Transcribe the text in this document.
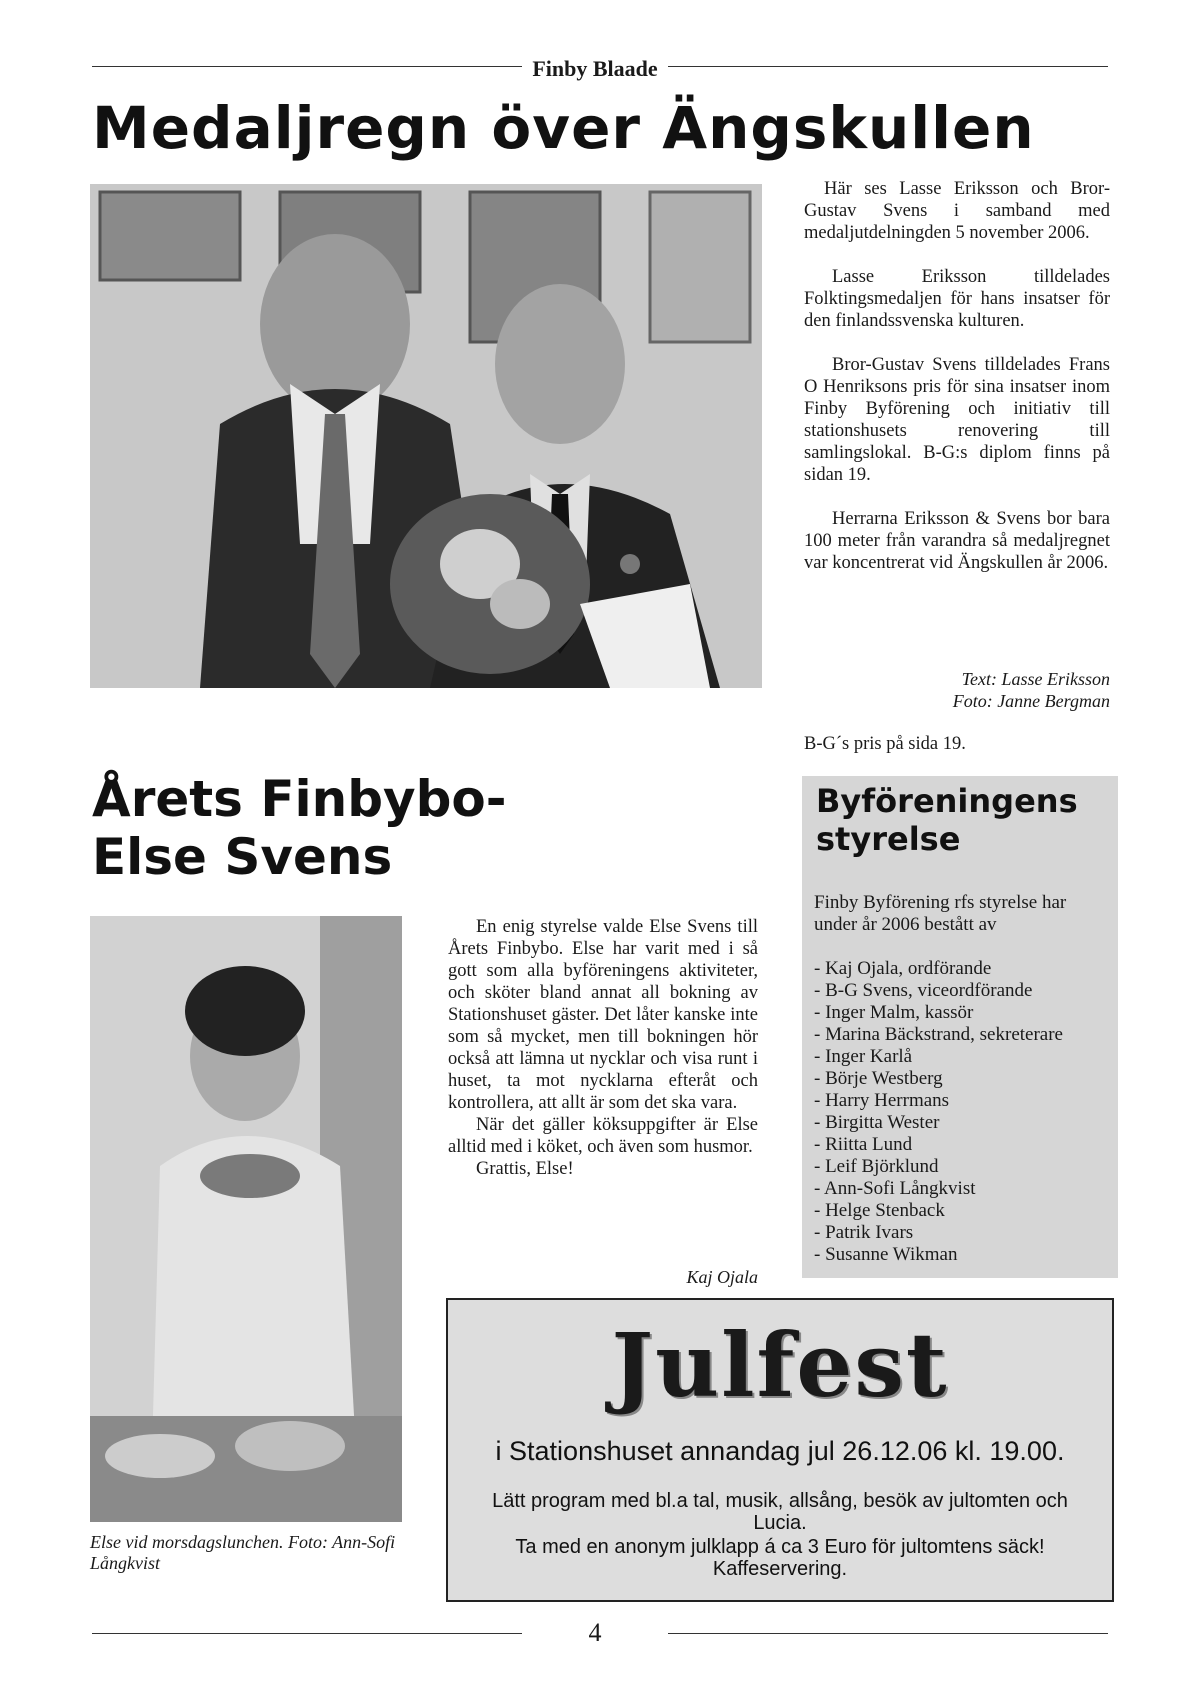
Finby Blaade
Medaljregn över Ängskullen

Här ses Lasse Eriksson och Bror-Gustav Svens i samband med medaljutdelningden 5 november 2006.

Lasse Eriksson tilldelades Folktingsmedaljen för hans insatser för den finlandssvenska kulturen.

Bror-Gustav Svens tilldelades Frans O Henriksons pris för sina insatser inom Finby Byförening och initiativ till stationshusets renovering till samlingslokal. B-G:s diplom finns på sidan 19.

Herrarna Eriksson & Svens bor bara 100 meter från varandra så medaljregnet var koncentrerat vid Ängskullen år 2006.

Text: Lasse Eriksson
Foto: Janne Bergman
B-G´s pris på sida 19.
Årets Finbybo-
Else Svens
Else vid morsdagslunchen. Foto: Ann-Sofi Långkvist

En enig styrelse valde Else Svens till Årets Finbybo. Else har varit med i så gott som alla byföreningens aktiviteter, och sköter bland annat all bokning av Stationshuset gäster. Det låter kanske inte som så mycket, men till bokningen hör också att lämna ut nycklar och visa runt i huset, ta mot nycklarna efteråt och kontrollera, att allt är som det ska vara.

När det gäller köksuppgifter är Else alltid med i köket, och även som husmor.

Grattis, Else!

Kaj Ojala
Byföreningens
styrelse
Finby Byförening rfs styrelse har under år 2006 bestått av
- Kaj Ojala, ordförande
- B-G Svens, viceordförande
- Inger Malm, kassör
- Marina Bäckstrand, sekreterare
- Inger Karlå
- Börje Westberg
- Harry Herrmans
- Birgitta Wester
- Riitta Lund
- Leif Björklund
- Ann-Sofi Långkvist
- Helge Stenback
- Patrik Ivars
- Susanne Wikman
Julfest
i Stationshuset annandag jul 26.12.06 kl. 19.00.
Lätt program med bl.a tal, musik, allsång, besök av jultomten och Lucia.
Ta med en anonym julklapp á ca 3 Euro för jultomtens säck!
Kaffeservering.
4
